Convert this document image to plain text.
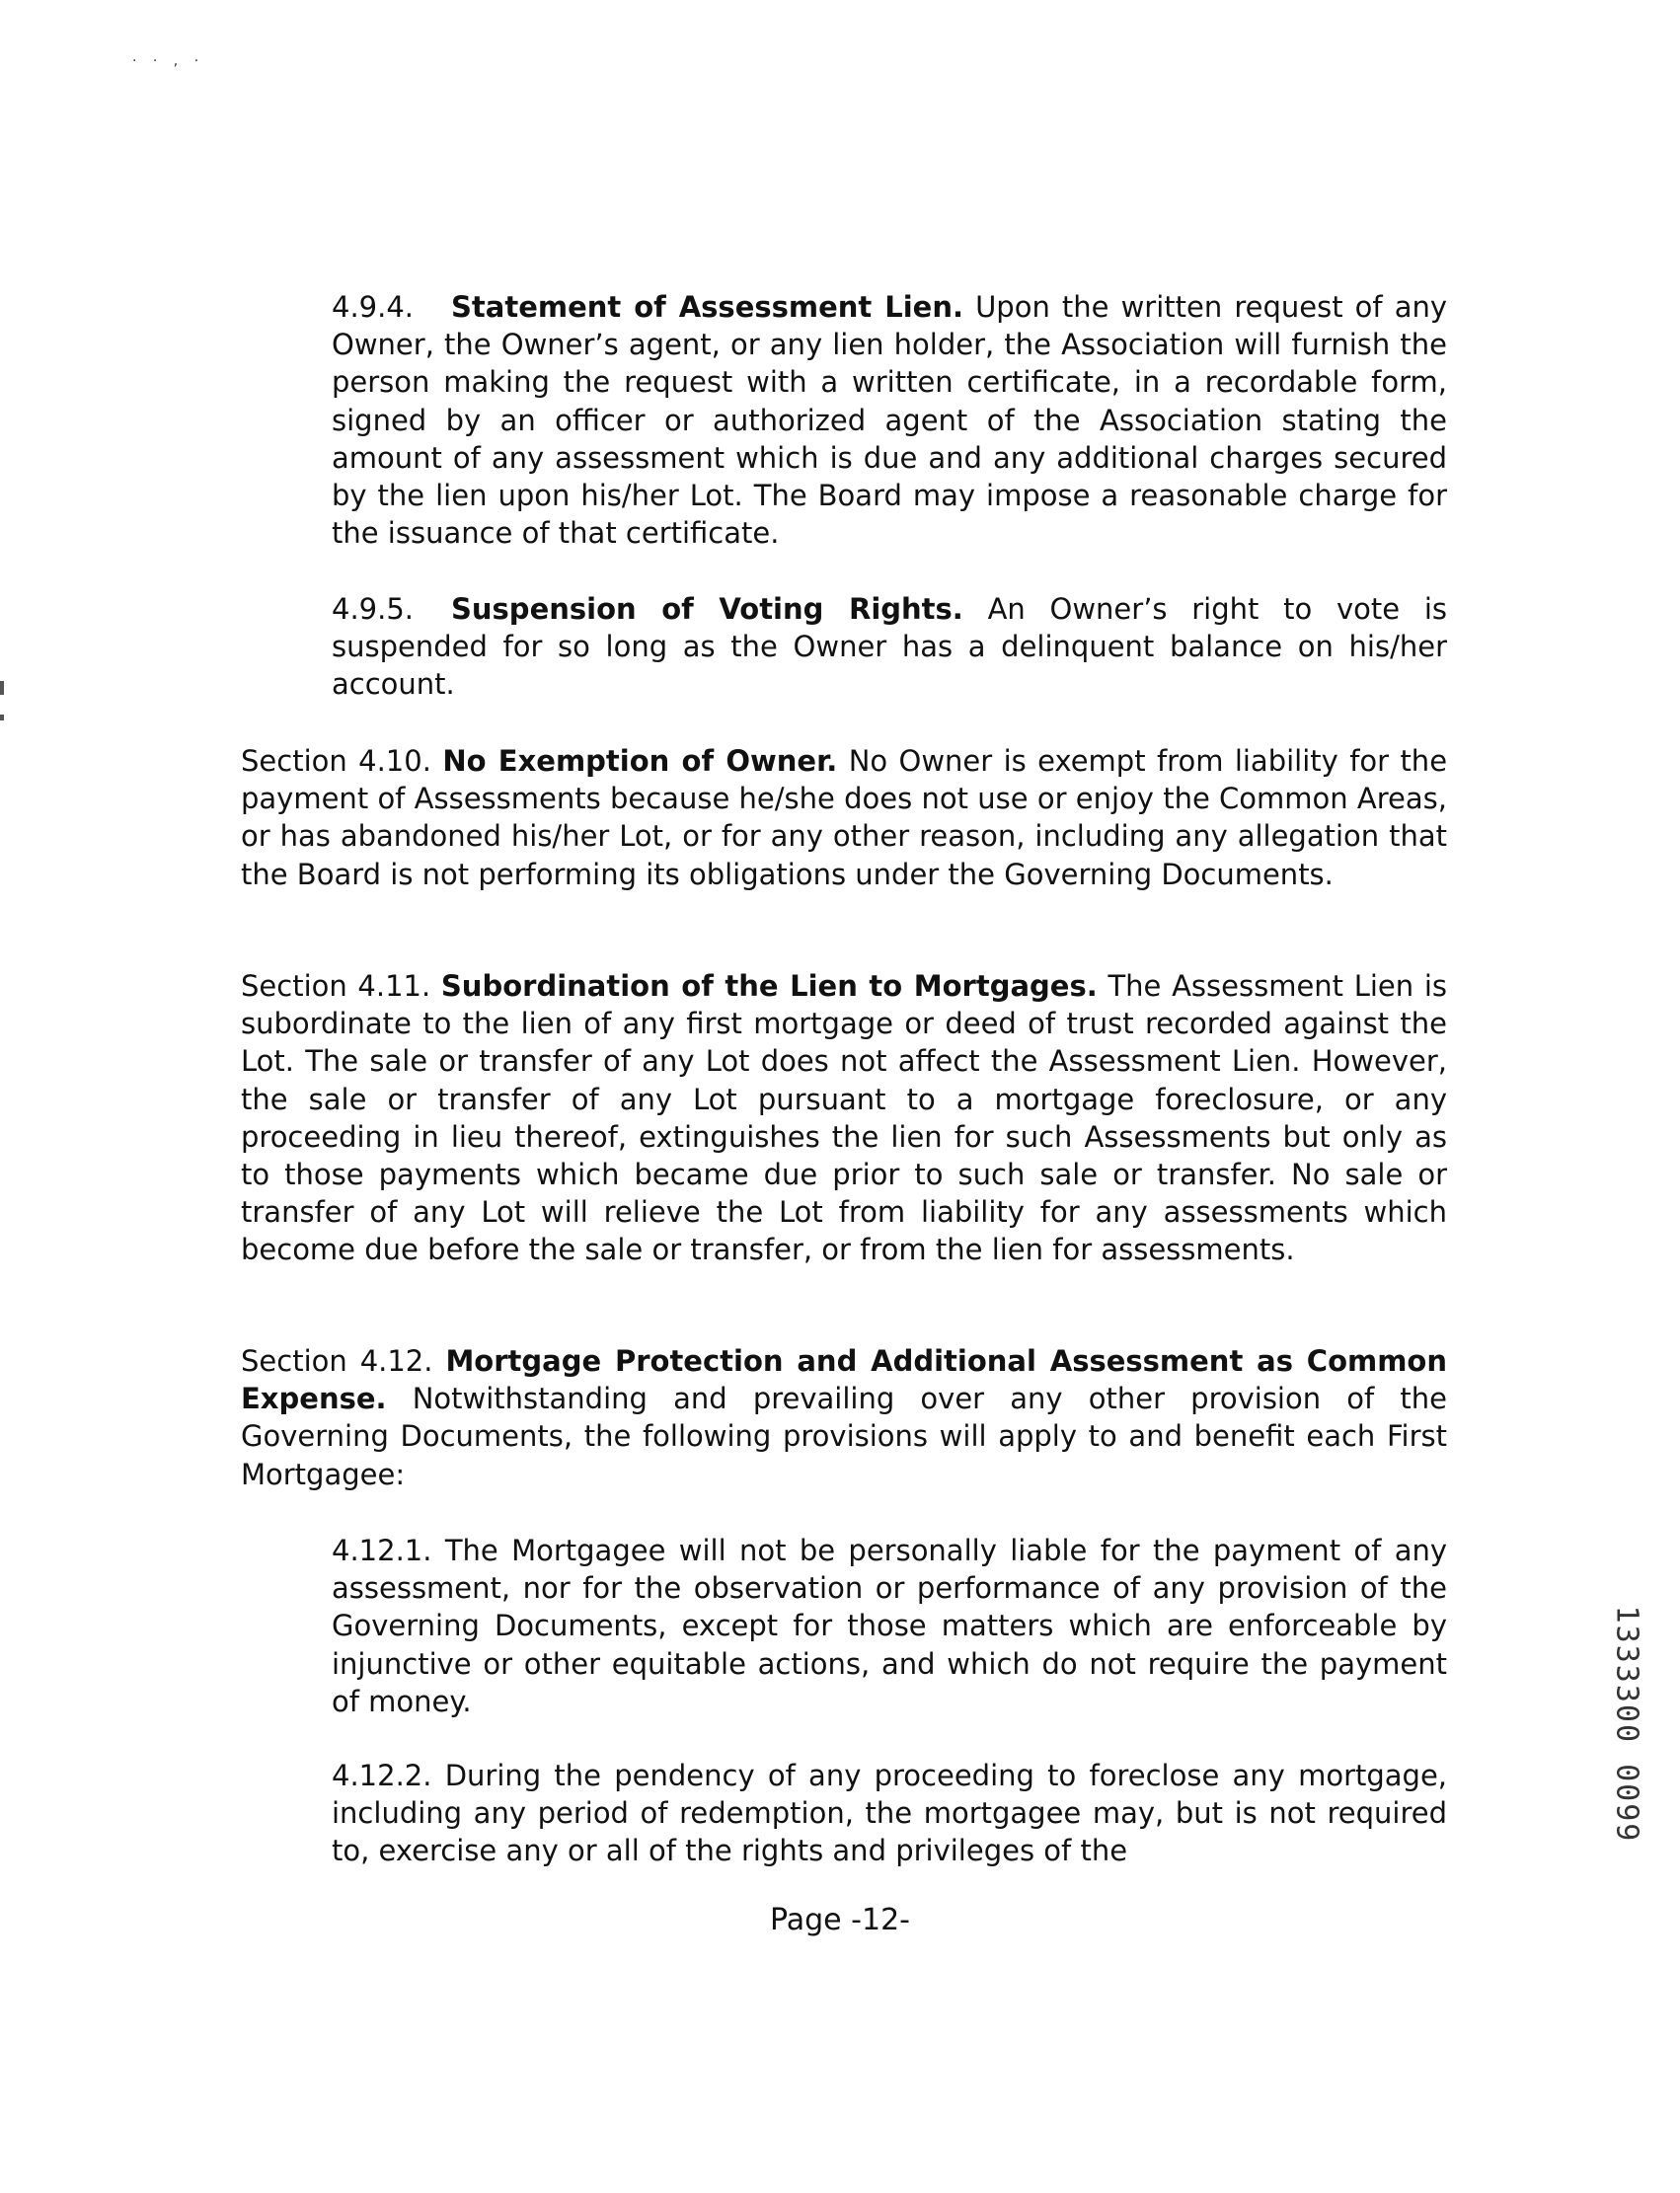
· · , ·

4.9.4. Statement of Assessment Lien. Upon the written request of any Owner, the Owner’s agent, or any lien holder, the Association will furnish the person making the request with a written certificate, in a recordable form, signed by an officer or authorized agent of the Association stating the amount of any assessment which is due and any additional charges secured by the lien upon his/her Lot. The Board may impose a reasonable charge for the issuance of that certificate.

4.9.5. Suspension of Voting Rights. An Owner’s right to vote is suspended for so long as the Owner has a delinquent balance on his/her account.

Section 4.10. No Exemption of Owner. No Owner is exempt from liability for the payment of Assessments because he/she does not use or enjoy the Common Areas, or has abandoned his/her Lot, or for any other reason, including any allegation that the Board is not performing its obligations under the Governing Documents.

Section 4.11. Subordination of the Lien to Mortgages. The Assessment Lien is subordinate to the lien of any first mortgage or deed of trust recorded against the Lot. The sale or transfer of any Lot does not affect the Assessment Lien. However, the sale or transfer of any Lot pursuant to a mortgage foreclosure, or any proceeding in lieu thereof, extinguishes the lien for such Assessments but only as to those payments which became due prior to such sale or transfer. No sale or transfer of any Lot will relieve the Lot from liability for any assessments which become due before the sale or transfer, or from the lien for assessments.

Section 4.12. Mortgage Protection and Additional Assessment as Common Expense. Notwithstanding and prevailing over any other provision of the Governing Documents, the following provisions will apply to and benefit each First Mortgagee:

4.12.1. The Mortgagee will not be personally liable for the payment of any assessment, nor for the observation or performance of any provision of the Governing Documents, except for those matters which are enforceable by injunctive or other equitable actions, and which do not require the payment of money.

4.12.2. During the pendency of any proceeding to foreclose any mortgage, including any period of redemption, the mortgagee may, but is not required to, exercise any or all of the rights and privileges of the

Page -12-
1333300 0099
